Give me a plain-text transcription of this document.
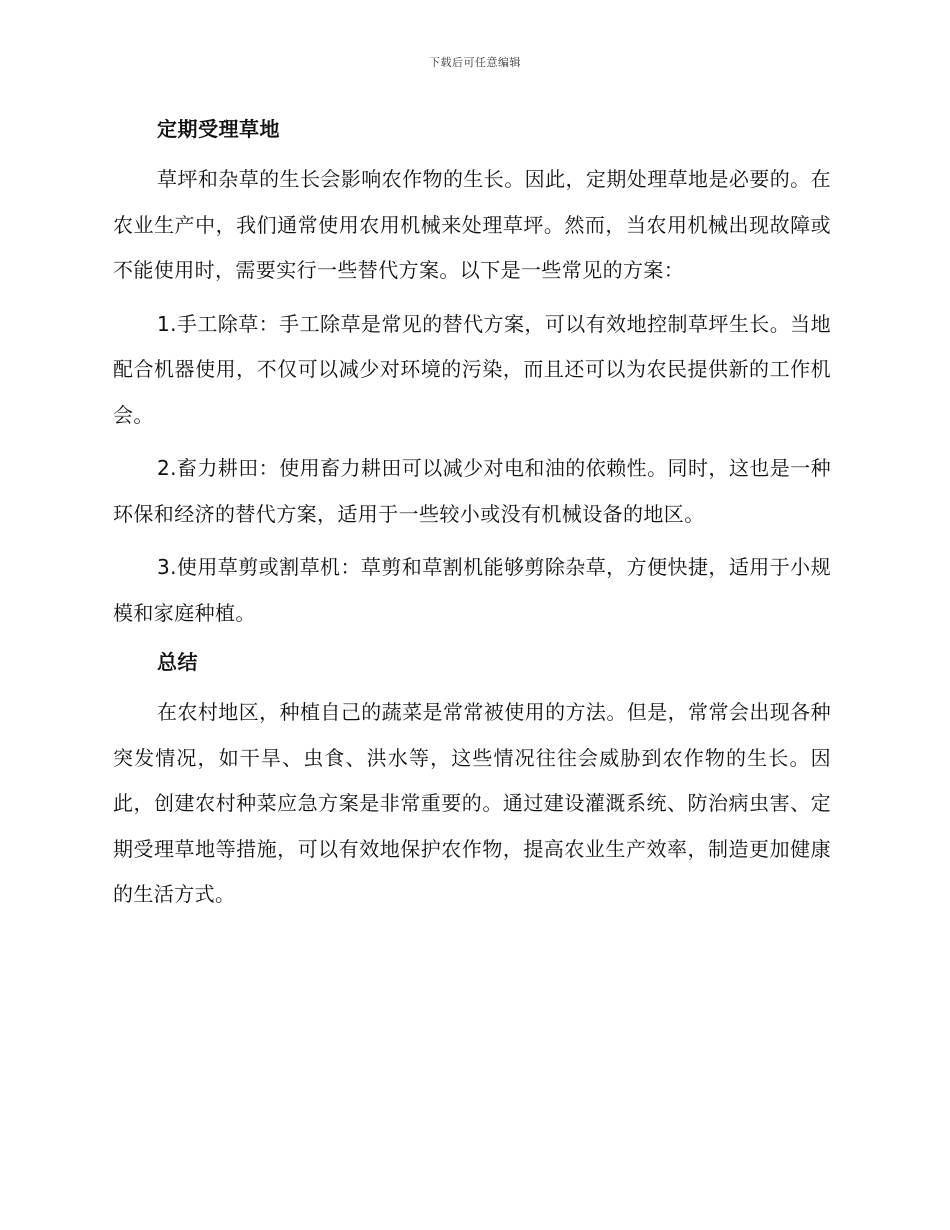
下载后可任意编辑

定期受理草地

草坪和杂草的生长会影响农作物的生长。因此，定期处理草地是必要的。在农业生产中，我们通常使用农用机械来处理草坪。然而，当农用机械出现故障或不能使用时，需要实行一些替代方案。以下是一些常见的方案：

1.手工除草：手工除草是常见的替代方案，可以有效地控制草坪生长。当地配合机器使用，不仅可以减少对环境的污染，而且还可以为农民提供新的工作机会。

2.畜力耕田：使用畜力耕田可以减少对电和油的依赖性。同时，这也是一种环保和经济的替代方案，适用于一些较小或没有机械设备的地区。

3.使用草剪或割草机：草剪和草割机能够剪除杂草，方便快捷，适用于小规模和家庭种植。

总结

在农村地区，种植自己的蔬菜是常常被使用的方法。但是，常常会出现各种突发情况，如干旱、虫食、洪水等，这些情况往往会威胁到农作物的生长。因此，创建农村种菜应急方案是非常重要的。通过建设灌溉系统、防治病虫害、定期受理草地等措施，可以有效地保护农作物，提高农业生产效率，制造更加健康的生活方式。
